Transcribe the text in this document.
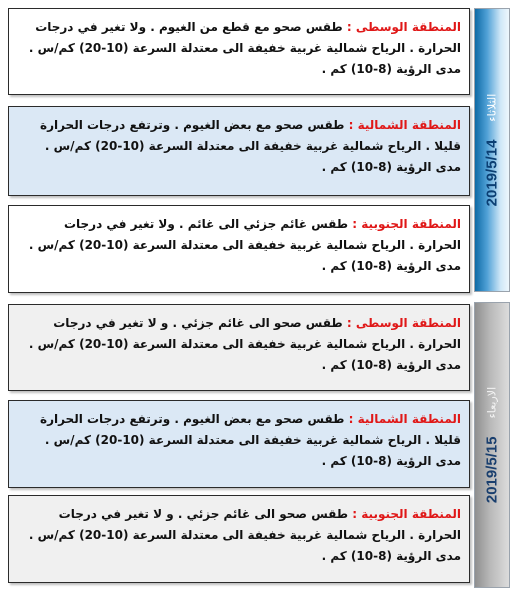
2019/5/14
الثلاثاء
المنطقة الوسطى : طقس صحو مع قطع من الغيوم . ولا تغير في درجات الحرارة . الرياح شمالية غربية خفيفة الى معتدلة السرعة (10-20) كم/س . مدى الرؤية (8-10) كم .
المنطقة الشمالية : طقس صحو مع بعض الغيوم . وترتفع درجات الحرارة قليلا . الرياح شمالية غربية خفيفة الى معتدلة السرعة (10-20) كم/س . مدى الرؤية (8-10) كم .
المنطقة الجنوبية : طقس غائم جزئي الى غائم . ولا تغير في درجات الحرارة . الرياح شمالية غربية خفيفة الى معتدلة السرعة (10-20) كم/س . مدى الرؤية (8-10) كم .
2019/5/15
الاربعاء
المنطقة الوسطى : طقس صحو الى غائم جزئي . و لا تغير في درجات الحرارة . الرياح شمالية غربية خفيفة الى معتدلة السرعة (10-20) كم/س . مدى الرؤية (8-10) كم .
المنطقة الشمالية : طقس صحو مع بعض الغيوم . وترتفع درجات الحرارة قليلا . الرياح شمالية غربية خفيفة الى معتدلة السرعة (10-20) كم/س . مدى الرؤية (8-10) كم .
المنطقة الجنوبية : طقس صحو الى غائم جزئي . و لا تغير في درجات الحرارة . الرياح شمالية غربية خفيفة الى معتدلة السرعة (10-20) كم/س . مدى الرؤية (8-10) كم .
